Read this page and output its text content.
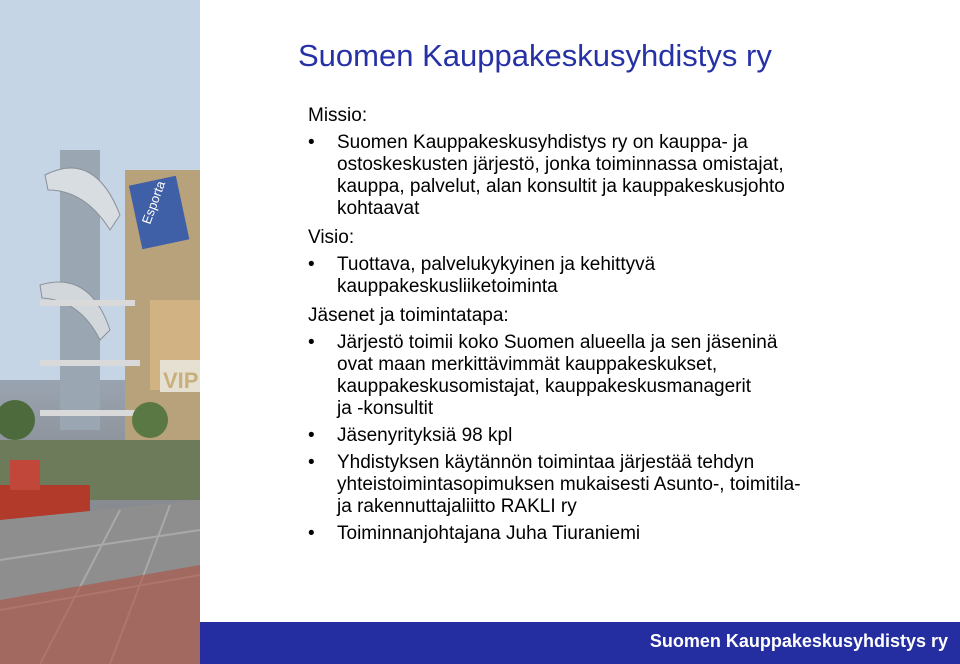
Esporta
VIP
Suomen Kauppakeskusyhdistys ry
Missio:
• Suomen Kauppakeskusyhdistys ry on kauppa- ja
ostoskeskusten järjestö, jonka toiminnassa omistajat,
kauppa, palvelut, alan konsultit ja kauppakeskusjohto
kohtaavat
Visio:
• Tuottava, palvelukykyinen ja kehittyvä
kauppakeskusliiketoiminta
Jäsenet ja toimintatapa:
• Järjestö toimii koko Suomen alueella ja sen jäseninä
ovat maan merkittävimmät kauppakeskukset,
kauppakeskusomistajat, kauppakeskusmanagerit
ja -konsultit
• Jäsenyrityksiä 98 kpl
• Yhdistyksen käytännön toimintaa järjestää tehdyn
yhteistoimintasopimuksen mukaisesti Asunto-, toimitila-
ja rakennuttajaliitto RAKLI ry
• Toiminnanjohtajana Juha Tiuraniemi
Suomen Kauppakeskusyhdistys ry
